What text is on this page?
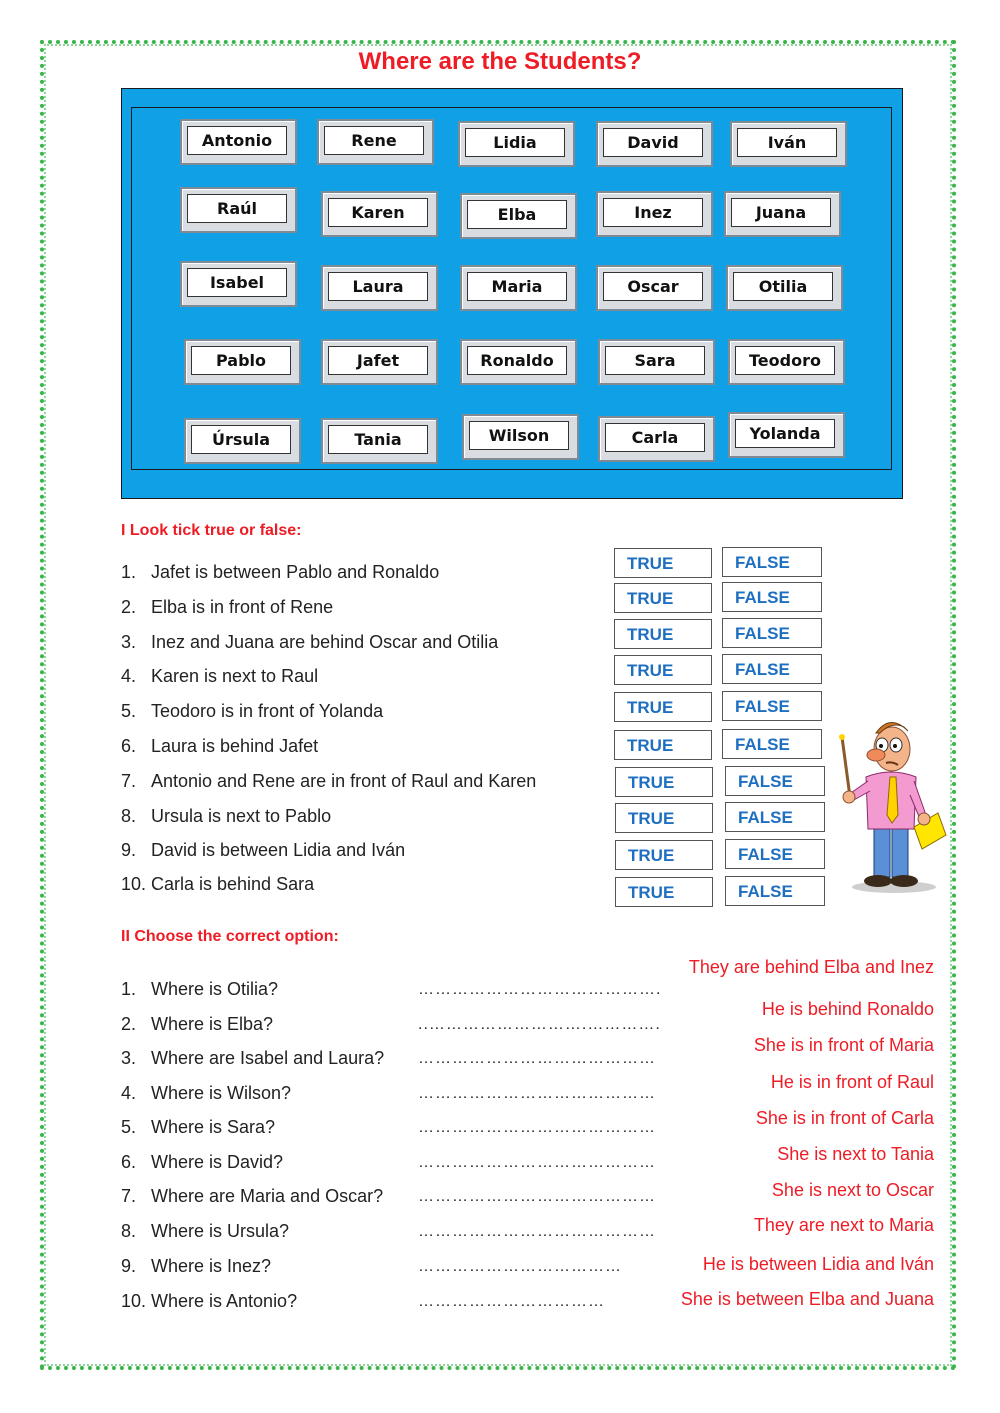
Where are the Students?
Antonio	Rene	Lidia	David	Iván
Raúl	Karen	Elba	Inez	Juana
Isabel	Laura	Maria	Oscar	Otilia
Pablo	Jafet	Ronaldo	Sara	Teodoro
Úrsula	Tania	Wilson	Carla	Yolanda
I Look tick true or false:
1. Jafet is between Pablo and Ronaldo
2. Elba is in front of Rene
3. Inez and Juana are behind Oscar and Otilia
4. Karen is next to Raul
5. Teodoro is in front of Yolanda
6. Laura is behind Jafet
7. Antonio and Rene are in front of Raul and Karen
8. Ursula is next to Pablo
9. David is between Lidia and Iván
10. Carla is behind Sara
TRUE	FALSE
TRUE	FALSE
TRUE	FALSE
TRUE	FALSE
TRUE	FALSE
TRUE	FALSE
TRUE	FALSE
TRUE	FALSE
TRUE	FALSE
TRUE	FALSE
II Choose the correct option:
1. Where is Otilia?	…………………………………….
2. Where is Elba?	..……………………….………….
3. Where are Isabel and Laura? ……………………………………
4. Where is Wilson?	……………………………………
5. Where is Sara?	……………………………………
6. Where is David?	……………………………………
7. Where are Maria and Oscar? ……………………………………
8. Where is Ursula?	……………………………………
9. Where is Inez?	………………………………
10. Where is Antonio?	……………………………
They are behind Elba and Inez
He is behind Ronaldo
She is in front of Maria
He is in front of Raul
She is in front of Carla
She is next to Tania
She is next to Oscar
They are next to Maria
He is between Lidia and Iván
She is between Elba and Juana
